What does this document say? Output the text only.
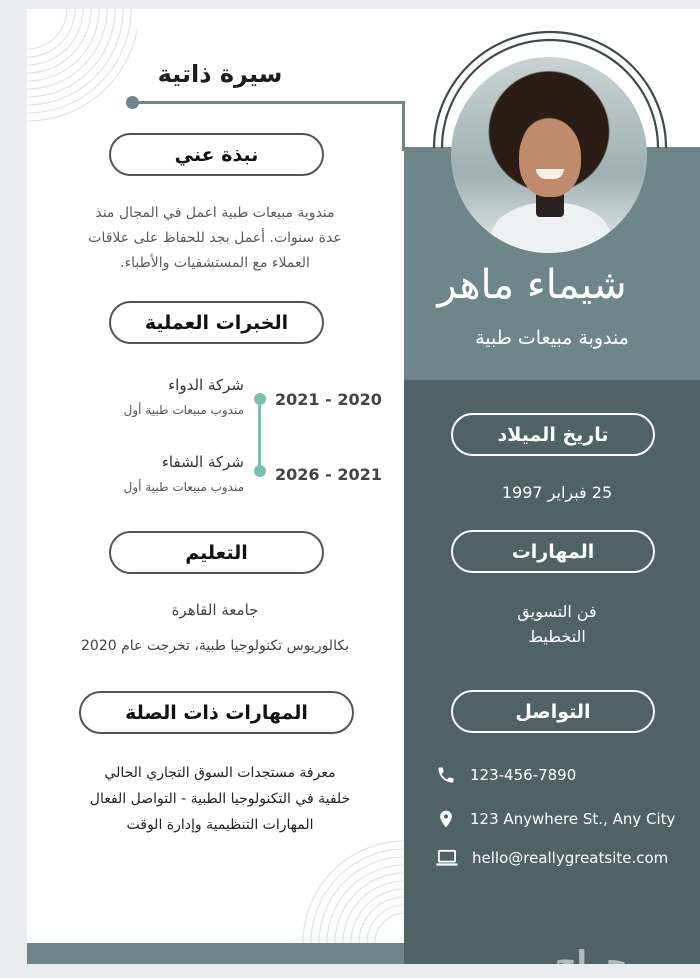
سيرة ذاتية
شيماء ماهر
مندوبة مبيعات طبية
نبذة عني
مندوبة مبيعات طبية اعمل في المجال منذ
عدة سنوات. أعمل بجد للحفاظ على علاقات
العملاء مع المستشفيات والأطباء.
الخبرات العملية
2021 - 2020
شركة الدواء
مندوب مبيعات طبية أول
2026 - 2021
شركة الشفاء
مندوب مبيعات طبية أول
التعليم
جامعة القاهرة
بكالوريوس تكنولوجيا طبية، تخرجت عام 2020
المهارات ذات الصلة
معرفة مستجدات السوق التجاري الحالي
خلفية في التكنولوجيا الطبية - التواصل الفعال
المهارات التنظيمية وإدارة الوقت
تاريخ الميلاد
25 فبراير 1997
المهارات
فن التسويق
التخطيط
التواصل
123-456-7890
123 Anywhere St., Any City
hello@reallygreatsite.com
حراج
